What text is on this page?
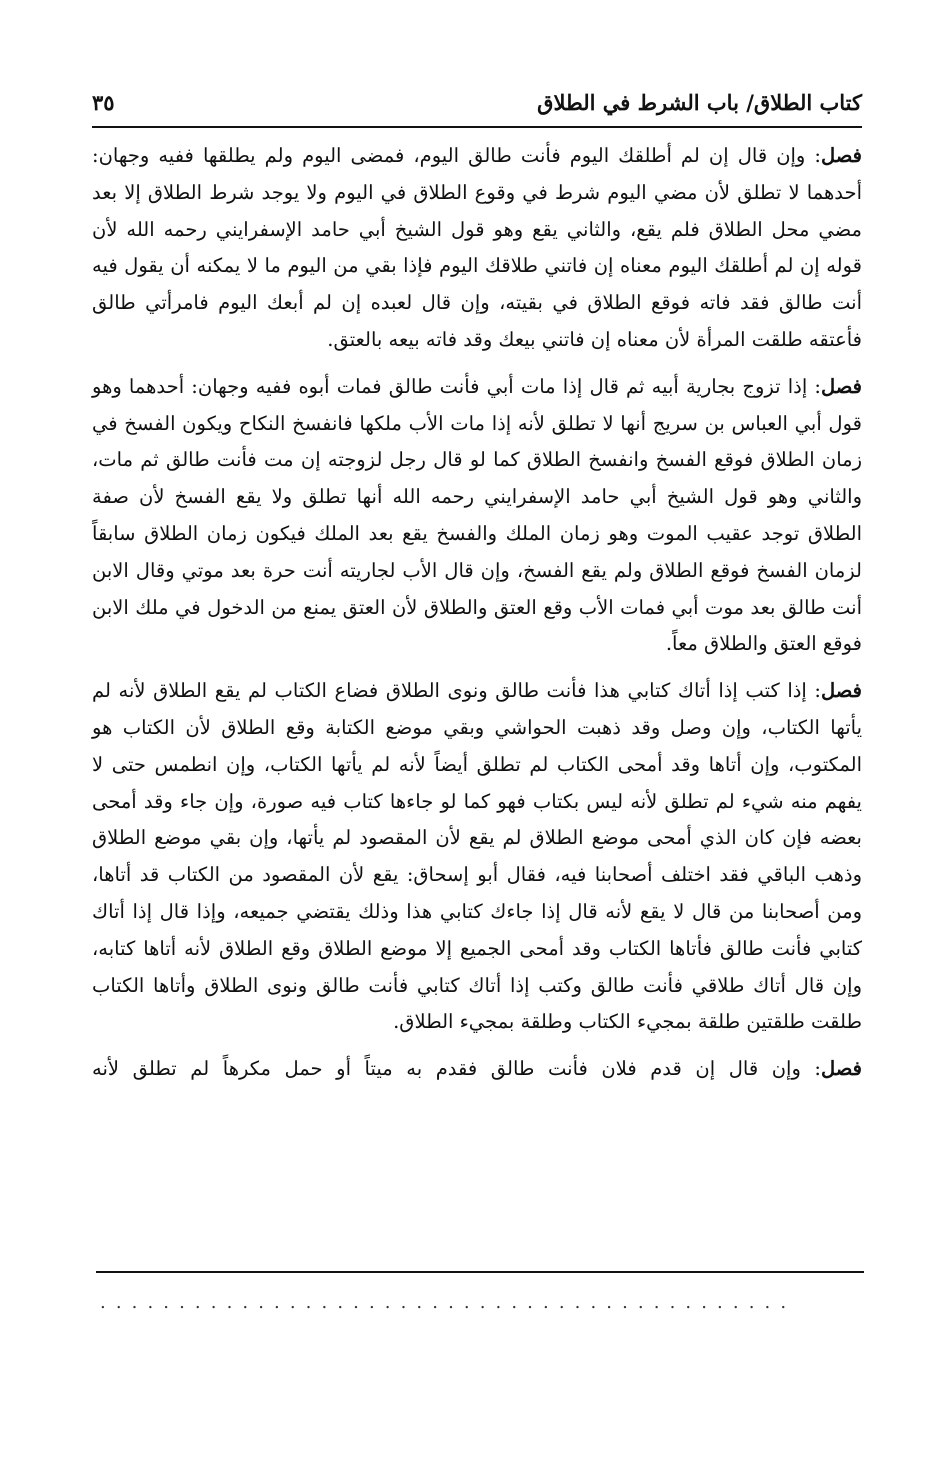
كتاب الطلاق/ باب الشرط في الطلاق
٣٥

فصل: وإن قال إن لم أطلقك اليوم فأنت طالق اليوم، فمضى اليوم ولم يطلقها ففيه وجهان: أحدهما لا تطلق لأن مضي اليوم شرط في وقوع الطلاق في اليوم ولا يوجد شرط الطلاق إلا بعد مضي محل الطلاق فلم يقع، والثاني يقع وهو قول الشيخ أبي حامد الإسفرايني رحمه الله لأن قوله إن لم أطلقك اليوم معناه إن فاتني طلاقك اليوم فإذا بقي من اليوم ما لا يمكنه أن يقول فيه أنت طالق فقد فاته فوقع الطلاق في بقيته، وإن قال لعبده إن لم أبعك اليوم فامرأتي طالق فأعتقه طلقت المرأة لأن معناه إن فاتني بيعك وقد فاته بيعه بالعتق.

فصل: إذا تزوج بجارية أبيه ثم قال إذا مات أبي فأنت طالق فمات أبوه ففيه وجهان: أحدهما وهو قول أبي العباس بن سريج أنها لا تطلق لأنه إذا مات الأب ملكها فانفسخ النكاح ويكون الفسخ في زمان الطلاق فوقع الفسخ وانفسخ الطلاق كما لو قال رجل لزوجته إن مت فأنت طالق ثم مات، والثاني وهو قول الشيخ أبي حامد الإسفرايني رحمه الله أنها تطلق ولا يقع الفسخ لأن صفة الطلاق توجد عقيب الموت وهو زمان الملك والفسخ يقع بعد الملك فيكون زمان الطلاق سابقاً لزمان الفسخ فوقع الطلاق ولم يقع الفسخ، وإن قال الأب لجاريته أنت حرة بعد موتي وقال الابن أنت طالق بعد موت أبي فمات الأب وقع العتق والطلاق لأن العتق يمنع من الدخول في ملك الابن فوقع العتق والطلاق معاً.

فصل: إذا كتب إذا أتاك كتابي هذا فأنت طالق ونوى الطلاق فضاع الكتاب لم يقع الطلاق لأنه لم يأتها الكتاب، وإن وصل وقد ذهبت الحواشي وبقي موضع الكتابة وقع الطلاق لأن الكتاب هو المكتوب، وإن أتاها وقد أمحى الكتاب لم تطلق أيضاً لأنه لم يأتها الكتاب، وإن انطمس حتى لا يفهم منه شيء لم تطلق لأنه ليس بكتاب فهو كما لو جاءها كتاب فيه صورة، وإن جاء وقد أمحى بعضه فإن كان الذي أمحى موضع الطلاق لم يقع لأن المقصود لم يأتها، وإن بقي موضع الطلاق وذهب الباقي فقد اختلف أصحابنا فيه، فقال أبو إسحاق: يقع لأن المقصود من الكتاب قد أتاها، ومن أصحابنا من قال لا يقع لأنه قال إذا جاءك كتابي هذا وذلك يقتضي جميعه، وإذا قال إذا أتاك كتابي فأنت طالق فأتاها الكتاب وقد أمحى الجميع إلا موضع الطلاق وقع الطلاق لأنه أتاها كتابه، وإن قال أتاك طلاقي فأنت طالق وكتب إذا أتاك كتابي فأنت طالق ونوى الطلاق وأتاها الكتاب طلقت طلقتين طلقة بمجيء الكتاب وطلقة بمجيء الطلاق.

فصل: وإن قال إن قدم فلان فأنت طالق فقدم به ميتاً أو حمل مكرهاً لم تطلق لأنه

............................................
